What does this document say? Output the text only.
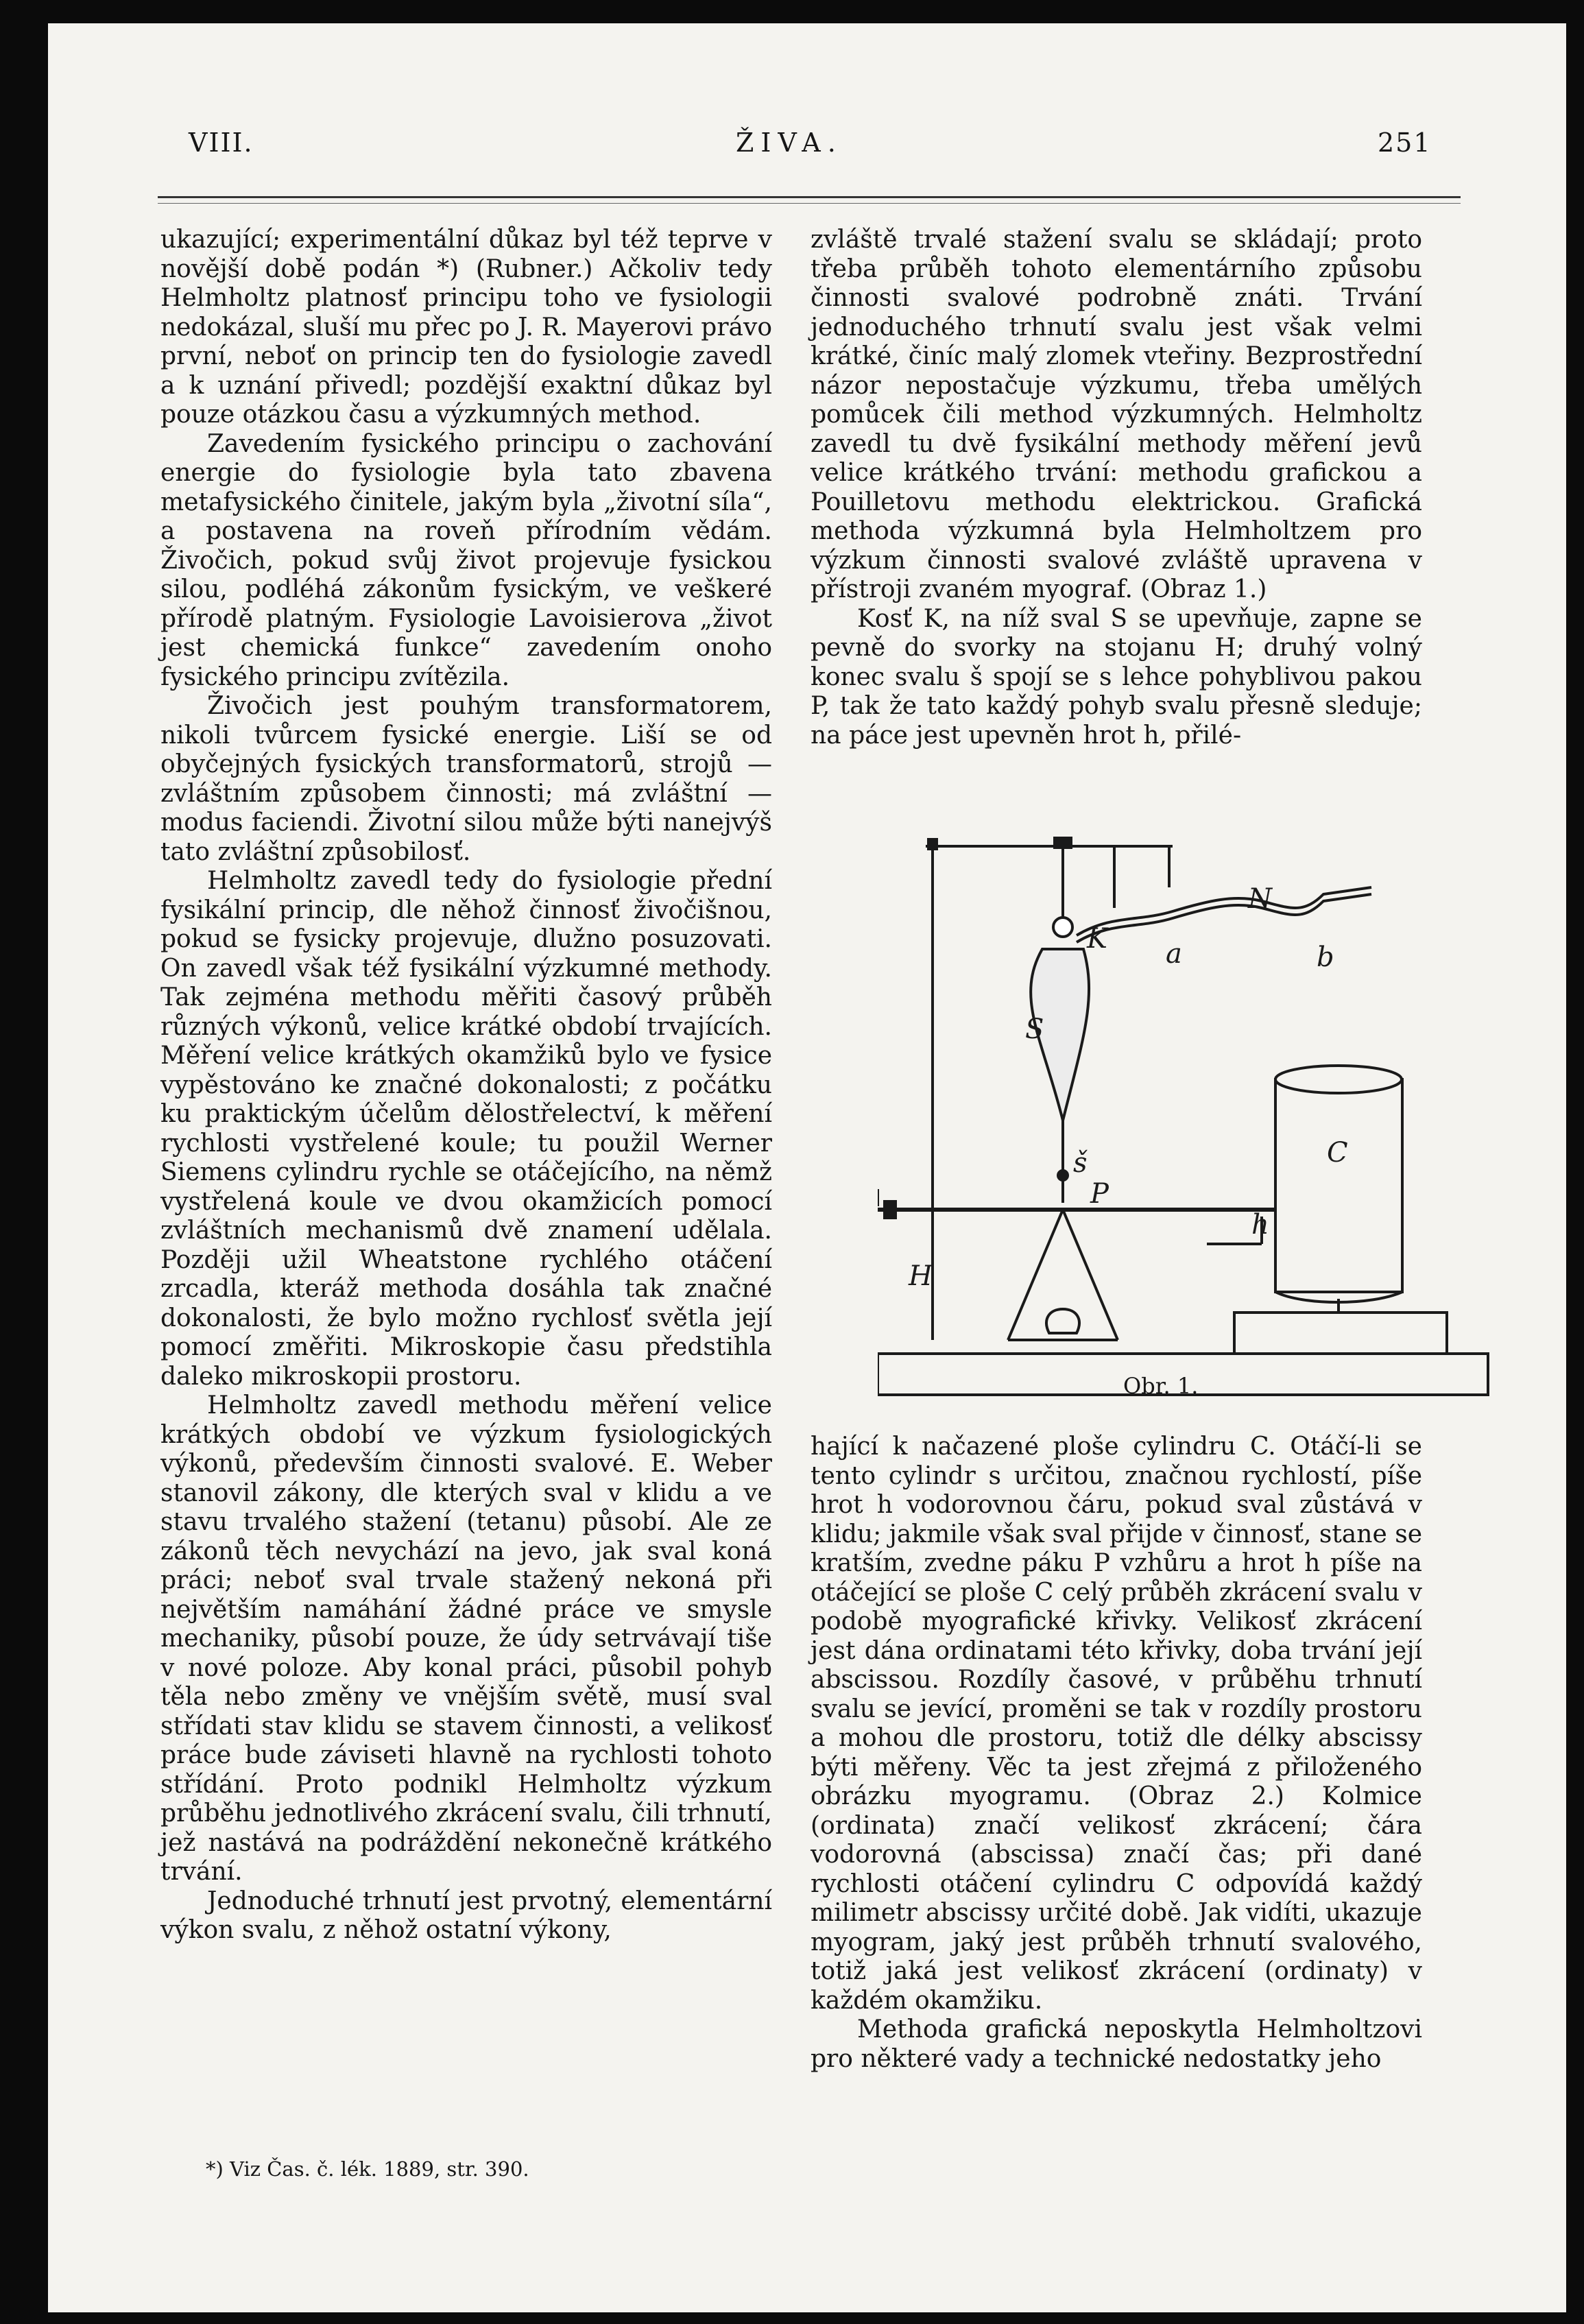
VIII.	ŽIVA.	251

ukazující; experimentální důkaz byl též teprve v novější době podán *) (Rubner.) Ačkoliv tedy Helmholtz platnosť principu toho ve fysiologii nedokázal, sluší mu přec po J. R. Mayerovi právo první, neboť on princip ten do fysiologie zavedl a k uznání přivedl; pozdější exaktní důkaz byl pouze otázkou času a výzkumných method.

Zavedením fysického principu o zachování energie do fysiologie byla tato zbavena metafysického činitele, jakým byla „životní síla“, a postavena na roveň přírodním vědám. Živočich, pokud svůj život projevuje fysickou silou, podléhá zákonům fysickým, ve veškeré přírodě platným. Fysiologie Lavoisierova „život jest chemická funkce“ zavedením onoho fysického principu zvítězila.

Živočich jest pouhým transformatorem, nikoli tvůrcem fysické energie. Liší se od obyčejných fysických transformatorů, strojů — zvláštním způsobem činnosti; má zvláštní — modus faciendi. Životní silou může býti nanejvýš tato zvláštní způsobilosť.

Helmholtz zavedl tedy do fysiologie přední fysikální princip, dle něhož činnosť živočišnou, pokud se fysicky projevuje, dlužno posuzovati. On zavedl však též fysikální výzkumné methody. Tak zejména methodu měřiti časový průběh různých výkonů, velice krátké období trvajících. Měření velice krátkých okamžiků bylo ve fysice vypěstováno ke značné dokonalosti; z počátku ku praktickým účelům dělostřelectví, k měření rychlosti vystřelené koule; tu použil Werner Siemens cylindru rychle se otáčejícího, na němž vystřelená koule ve dvou okamžicích pomocí zvláštních mechanismů dvě znamení udělala. Později užil Wheatstone rychlého otáčení zrcadla, kteráž methoda dosáhla tak značné dokonalosti, že bylo možno rychlosť světla její pomocí změřiti. Mikroskopie času předstihla daleko mikroskopii prostoru.

Helmholtz zavedl methodu měření velice krátkých období ve výzkum fysiologických výkonů, především činnosti svalové. E. Weber stanovil zákony, dle kterých sval v klidu a ve stavu trvalého stažení (tetanu) působí. Ale ze zákonů těch nevychází na jevo, jak sval koná práci; neboť sval trvale stažený nekoná při největším namáhání žádné práce ve smysle mechaniky, působí pouze, že údy setrvávají tiše v nové poloze. Aby konal práci, působil pohyb těla nebo změny ve vnějším světě, musí sval střídati stav klidu se stavem činnosti, a velikosť práce bude záviseti hlavně na rychlosti tohoto střídání. Proto podnikl Helmholtz výzkum průběhu jednotlivého zkrácení svalu, čili trhnutí, jež nastává na podráždění nekonečně krátkého trvání.

Jednoduché trhnutí jest prvotný, elementární výkon svalu, z něhož ostatní výkony,

*) Viz Čas. č. lék. 1889, str. 390.

zvláště trvalé stažení svalu se skládají; proto třeba průběh tohoto elementárního způsobu činnosti svalové podrobně znáti. Trvání jednoduchého trhnutí svalu jest však velmi krátké, činíc malý zlomek vteřiny. Bezprostřední názor nepostačuje výzkumu, třeba umělých pomůcek čili method výzkumných. Helmholtz zavedl tu dvě fysikální methody měření jevů velice krátkého trvání: methodu grafickou a Pouilletovu methodu elektrickou. Grafická methoda výzkumná byla Helmholtzem pro výzkum činnosti svalové zvláště upravena v přístroji zvaném myograf. (Obraz 1.)

Kosť K, na níž sval S se upevňuje, zapne se pevně do svorky na stojanu H; druhý volný konec svalu š spojí se s lehce pohyblivou pakou P, tak že tato každý pohyb svalu přesně sleduje; na páce jest upevněn hrot h, přilé-

K
N
a	b
S
š
P
C
h
H
Obr. 1.

hající k načazené ploše cylindru C. Otáčí-li se tento cylindr s určitou, značnou rychlostí, píše hrot h vodorovnou čáru, pokud sval zůstává v klidu; jakmile však sval přijde v činnosť, stane se kratším, zvedne páku P vzhůru a hrot h píše na otáčející se ploše C celý průběh zkrácení svalu v podobě myografické křivky. Velikosť zkrácení jest dána ordinatami této křivky, doba trvání její abscissou. Rozdíly časové, v průběhu trhnutí svalu se jevící, proměni se tak v rozdíly prostoru a mohou dle prostoru, totiž dle délky abscissy býti měřeny. Věc ta jest zřejmá z přiloženého obrázku myogramu. (Obraz 2.) Kolmice (ordinata) značí velikosť zkrácení; čára vodorovná (abscissa) značí čas; při dané rychlosti otáčení cylindru C odpovídá každý milimetr abscissy určité době. Jak vidíti, ukazuje myogram, jaký jest průběh trhnutí svalového, totiž jaká jest velikosť zkrácení (ordinaty) v každém okamžiku.

Methoda grafická neposkytla Helmholtzovi pro některé vady a technické nedostatky jeho
